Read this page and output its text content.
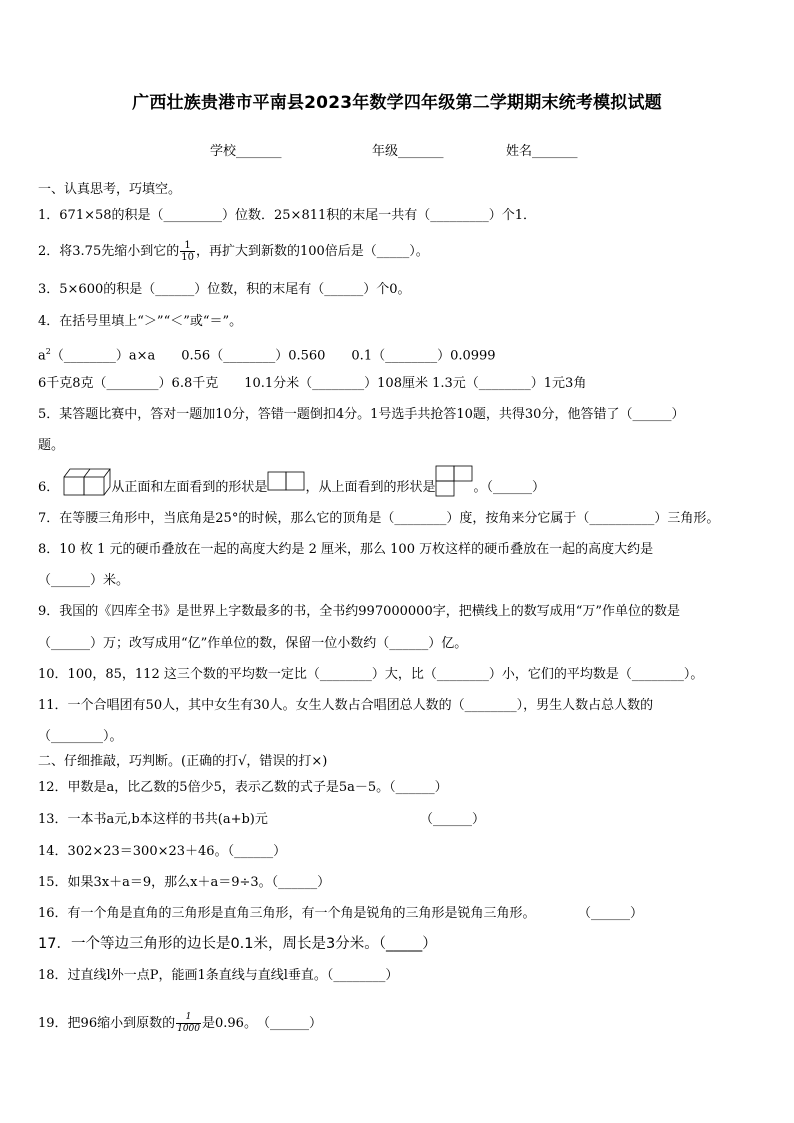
广西壮族贵港市平南县2023年数学四年级第二学期期末统考模拟试题
学校_______	年级_______	姓名_______
一、认真思考，巧填空。
1．671×58的积是（_________）位数．25×811积的末尾一共有（_________）个1．
2．将3.75先缩小到它的 $\frac{1}{10}$ ，再扩大到新数的100倍后是（_____）。
3．5×600的积是（______）位数，积的末尾有（______）个0。
4．在括号里填上“＞”“＜”或“＝”。
$a^2(\_\_\_\_\_\_\_\_)a\times a$　　0.56（________）0.560　　0.1（________）0.0999
6千克8克（________）6.8千克　　10.1分米（________）108厘米 1.3元（________）1元3角
5．某答题比赛中，答对一题加10分，答错一题倒扣4分。1号选手共抢答10题，共得30分，他答错了（______）
题。
6．	从正面和左面看到的形状是	，从上面看到的形状是	。（______）
7．在等腰三角形中，当底角是25°的时候，那么它的顶角是（________）度，按角来分它属于（__________）三角形。
8．10 枚 1 元的硬币叠放在一起的高度大约是 2 厘米，那么 100 万枚这样的硬币叠放在一起的高度大约是
（______）米。
9．我国的《四库全书》是世界上字数最多的书，全书约997000000字，把横线上的数写成用“万”作单位的数是
（______）万；改写成用“亿”作单位的数，保留一位小数约（______）亿。
10．100，85，112 这三个数的平均数一定比（________）大，比（________）小，它们的平均数是（________）。
11．一个合唱团有50人，其中女生有30人。女生人数占合唱团总人数的（________），男生人数占总人数的
（________）。
二、仔细推敲，巧判断。(正确的打√，错误的打×)
12．甲数是a，比乙数的5倍少5，表示乙数的式子是5a－5。（______）
13．一本书a元,b本这样的书共(a+b)元	（______）
14．302×23＝300×23＋46。（______）
15．如果3x＋a＝9，那么x＋a＝9÷3。（______）
16．有一个角是直角的三角形是直角三角形，有一个角是锐角的三角形是锐角三角形。	（______）
17．一个等边三角形的边长是0.1米，周长是3分米。（_____）
18．过直线l外一点P，能画1条直线与直线l垂直。（________）
19．把96缩小到原数的 $\frac{1}{1000}$ 是0.96。　（______）
